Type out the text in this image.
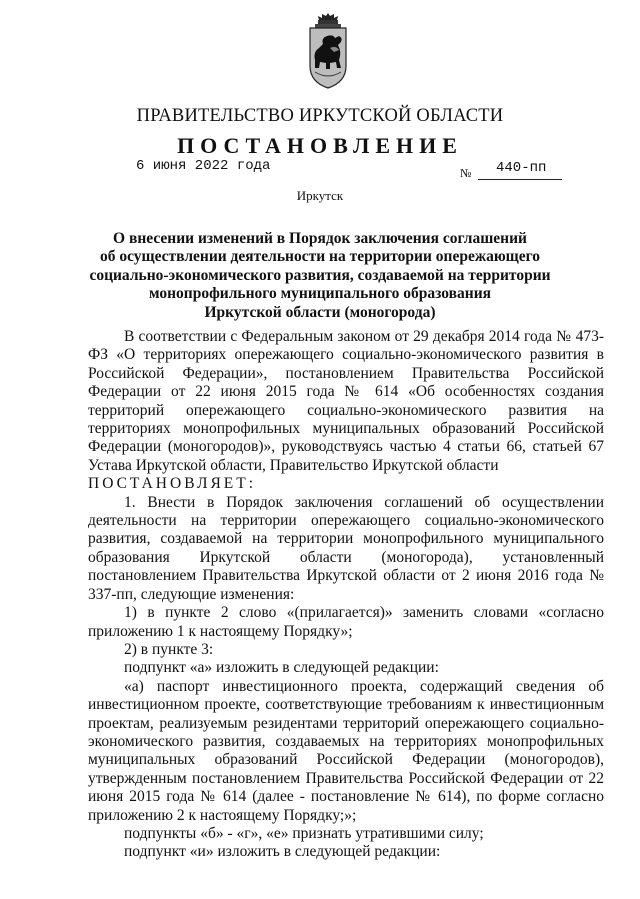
ПРАВИТЕЛЬСТВО ИРКУТСКОЙ ОБЛАСТИ
ПОСТАНОВЛЕНИЕ
6 июня 2022 года	№ 440-пп
Иркутск
О внесении изменений в Порядок заключения соглашений
об осуществлении деятельности на территории опережающего
социально-экономического развития, создаваемой на территории
монопрофильного муниципального образования
Иркутской области (моногорода)

В соответствии с Федеральным законом от 29 декабря 2014 года № 473-ФЗ «О территориях опережающего социально-экономического развития в Российской Федерации», постановлением Правительства Российской Федерации от 22 июня 2015 года № 614 «Об особенностях создания территорий опережающего социально-экономического развития на территориях монопрофильных муниципальных образований Российской Федерации (моногородов)», руководствуясь частью 4 статьи 66, статьей 67 Устава Иркутской области, Правительство Иркутской области

ПОСТАНОВЛЯЕТ:

1. Внести в Порядок заключения соглашений об осуществлении деятельности на территории опережающего социально-экономического развития, создаваемой на территории монопрофильного муниципального образования Иркутской области (моногорода), установленный постановлением Правительства Иркутской области от 2 июня 2016 года № 337-пп, следующие изменения:

1) в пункте 2 слово «(прилагается)» заменить словами «согласно приложению 1 к настоящему Порядку»;

2) в пункте 3:

подпункт «а» изложить в следующей редакции:

«а) паспорт инвестиционного проекта, содержащий сведения об инвестиционном проекте, соответствующие требованиям к инвестиционным проектам, реализуемым резидентами территорий опережающего социально-экономического развития, создаваемых на территориях монопрофильных муниципальных образований Российской Федерации (моногородов), утвержденным постановлением Правительства Российской Федерации от 22 июня 2015 года № 614 (далее - постановление № 614), по форме согласно приложению 2 к настоящему Порядку;»;

подпункты «б» - «г», «е» признать утратившими силу;

подпункт «и» изложить в следующей редакции:
